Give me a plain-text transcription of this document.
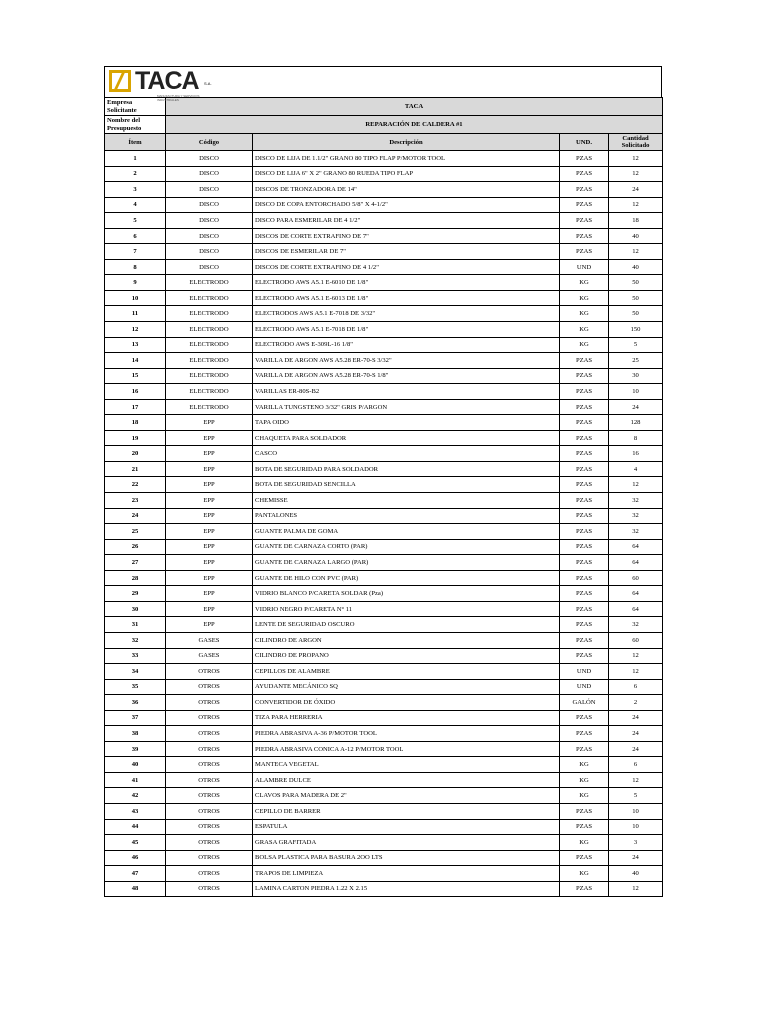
TACA S.A.
MANUFACTURA Y SERVICIOS INDUSTRIALES
Empresa Solicitante	TACA			
Nombre del Presupuesto	REPARACIÓN DE CALDERA #1			
Ítem	Código	Descripción	UND.	Cantidad Solicitado
1	DISCO	DISCO DE LIJA DE 1.1/2" GRANO 80 TIPO FLAP P/MOTOR TOOL	PZAS	12
2	DISCO	DISCO DE LIJA 6" X 2" GRANO 80 RUEDA TIPO FLAP	PZAS	12
3	DISCO	DISCOS DE TRONZADORA DE 14"	PZAS	24
4	DISCO	DISCO DE COPA ENTORCHADO 5/8" X 4-1/2"	PZAS	12
5	DISCO	DISCO PARA ESMERILAR DE 4 1/2"	PZAS	18
6	DISCO	DISCOS DE CORTE EXTRAFINO DE 7"	PZAS	40
7	DISCO	DISCOS DE ESMERILAR DE 7"	PZAS	12
8	DISCO	DISCOS DE CORTE EXTRAFINO DE 4 1/2"	UND	40
9	ELECTRODO	ELECTRODO AWS A5.1 E-6010 DE 1/8"	KG	50
10	ELECTRODO	ELECTRODO AWS A5.1 E-6013 DE 1/8"	KG	50
11	ELECTRODO	ELECTRODOS AWS A5.1 E-7018 DE 3/32"	KG	50
12	ELECTRODO	ELECTRODO AWS A5.1 E-7018 DE 1/8"	KG	150
13	ELECTRODO	ELECTRODO AWS E-309L-16 1/8"	KG	5
14	ELECTRODO	VARILLA DE ARGON AWS A5.28 ER-70-S 3/32"	PZAS	25
15	ELECTRODO	VARILLA DE ARGON AWS A5.28 ER-70-S 1/8"	PZAS	30
16	ELECTRODO	VARILLAS ER-80S-B2	PZAS	10
17	ELECTRODO	VARILLA TUNGSTENO 3/32" GRIS P/ARGON	PZAS	24
18	EPP	TAPA OIDO	PZAS	128
19	EPP	CHAQUETA PARA SOLDADOR	PZAS	8
20	EPP	CASCO	PZAS	16
21	EPP	BOTA DE SEGURIDAD PARA SOLDADOR	PZAS	4
22	EPP	BOTA DE SEGURIDAD SENCILLA	PZAS	12
23	EPP	CHEMISSE	PZAS	32
24	EPP	PANTALONES	PZAS	32
25	EPP	GUANTE PALMA DE GOMA	PZAS	32
26	EPP	GUANTE DE CARNAZA CORTO (PAR)	PZAS	64
27	EPP	GUANTE DE CARNAZA LARGO (PAR)	PZAS	64
28	EPP	GUANTE DE HILO CON PVC (PAR)	PZAS	60
29	EPP	VIDRIO BLANCO P/CARETA SOLDAR (Pza)	PZAS	64
30	EPP	VIDRIO NEGRO P/CARETA N° 11	PZAS	64
31	EPP	LENTE DE SEGURIDAD OSCURO	PZAS	32
32	GASES	CILINDRO DE ARGON	PZAS	60
33	GASES	CILINDRO DE PROPANO	PZAS	12
34	OTROS	CEPILLOS DE ALAMBRE	UND	12
35	OTROS	AYUDANTE MECÁNICO SQ	UND	6
36	OTROS	CONVERTIDOR DE ÓXIDO	GALÓN	2
37	OTROS	TIZA PARA HERRERIA	PZAS	24
38	OTROS	PIEDRA ABRASIVA A-36 P/MOTOR TOOL	PZAS	24
39	OTROS	PIEDRA ABRASIVA CONICA A-12 P/MOTOR TOOL	PZAS	24
40	OTROS	MANTECA VEGETAL	KG	6
41	OTROS	ALAMBRE DULCE	KG	12
42	OTROS	CLAVOS PARA MADERA DE 2"	KG	5
43	OTROS	CEPILLO DE BARRER	PZAS	10
44	OTROS	ESPATULA	PZAS	10
45	OTROS	GRASA GRAFITADA	KG	3
46	OTROS	BOLSA PLASTICA PARA BASURA 2OO LTS	PZAS	24
47	OTROS	TRAPOS DE LIMPIEZA	KG	40
48	OTROS	LAMINA CARTON PIEDRA 1.22 X 2.15	PZAS	12
